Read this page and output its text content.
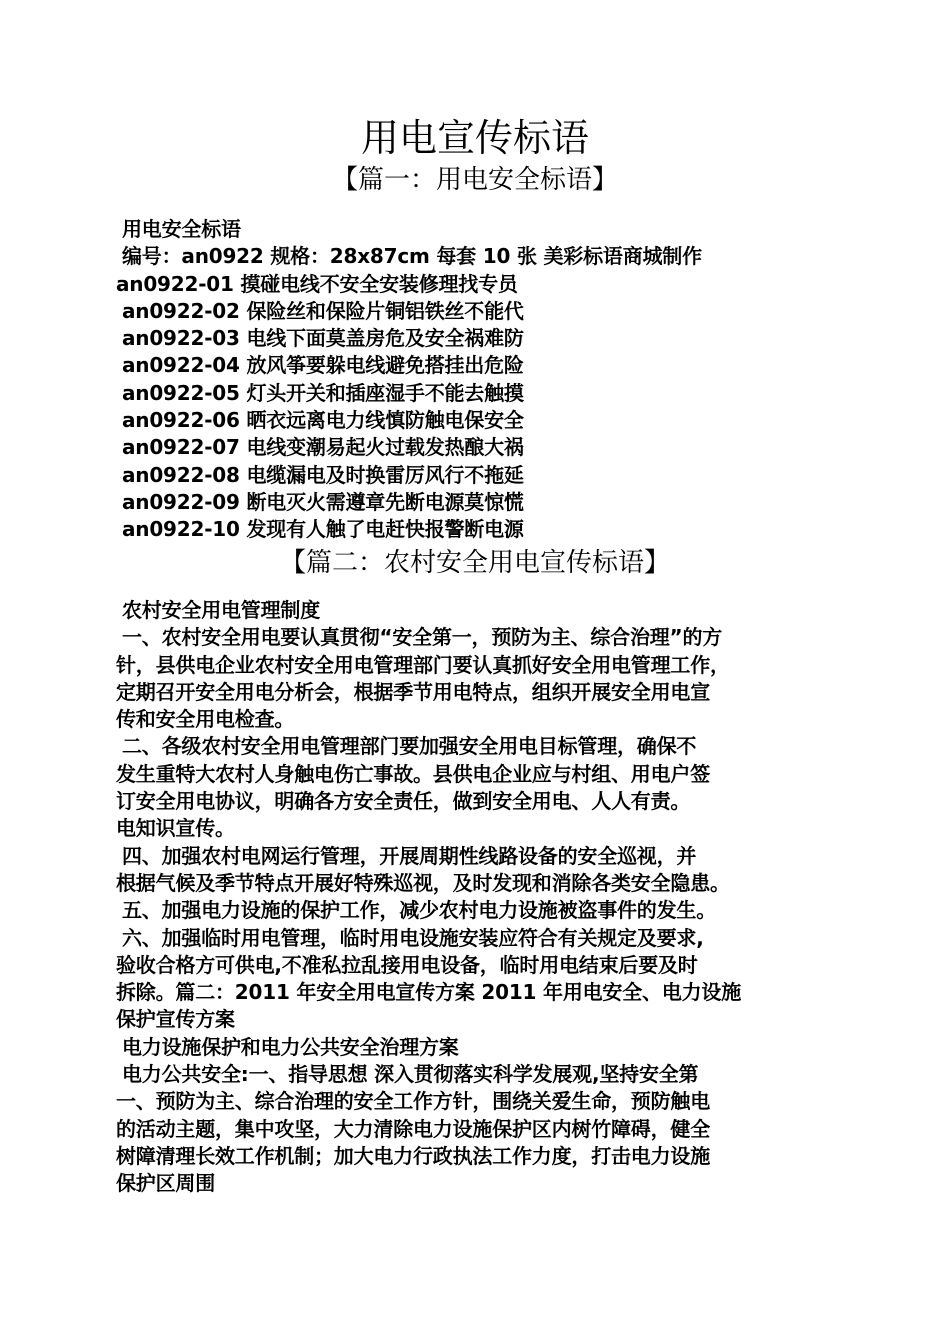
用电宣传标语
【篇一：用电安全标语】

用电安全标语

编号：an0922 规格：28x87cm 每套 10 张 美彩标语商城制作

an0922-01 摸碰电线不安全安装修理找专员

an0922-02 保险丝和保险片铜铝铁丝不能代

an0922-03 电线下面莫盖房危及安全祸难防

an0922-04 放风筝要躲电线避免搭挂出危险

an0922-05 灯头开关和插座湿手不能去触摸

an0922-06 晒衣远离电力线慎防触电保安全

an0922-07 电线变潮易起火过载发热酿大祸

an0922-08 电缆漏电及时换雷厉风行不拖延

an0922-09 断电灭火需遵章先断电源莫惊慌

an0922-10 发现有人触了电赶快报警断电源

【篇二：农村安全用电宣传标语】

农村安全用电管理制度

一、农村安全用电要认真贯彻“安全第一，预防为主、综合治理”的方

针，县供电企业农村安全用电管理部门要认真抓好安全用电管理工作，

定期召开安全用电分析会，根据季节用电特点，组织开展安全用电宣

传和安全用电检查。

二、各级农村安全用电管理部门要加强安全用电目标管理，确保不

发生重特大农村人身触电伤亡事故。县供电企业应与村组、用电户签

订安全用电协议，明确各方安全责任，做到安全用电、人人有责。

电知识宣传。

四、加强农村电网运行管理，开展周期性线路设备的安全巡视，并

根据气候及季节特点开展好特殊巡视，及时发现和消除各类安全隐患。

五、加强电力设施的保护工作，减少农村电力设施被盗事件的发生。

六、加强临时用电管理，临时用电设施安装应符合有关规定及要求,

验收合格方可供电,不准私拉乱接用电设备，临时用电结束后要及时

拆除。篇二：2011 年安全用电宣传方案 2011 年用电安全、电力设施

保护宣传方案

电力设施保护和电力公共安全治理方案

电力公共安全:一、指导思想 深入贯彻落实科学发展观,坚持安全第

一、预防为主、综合治理的安全工作方针，围绕关爱生命，预防触电

的活动主题，集中攻坚，大力清除电力设施保护区内树竹障碍，健全

树障清理长效工作机制；加大电力行政执法工作力度，打击电力设施

保护区周围
